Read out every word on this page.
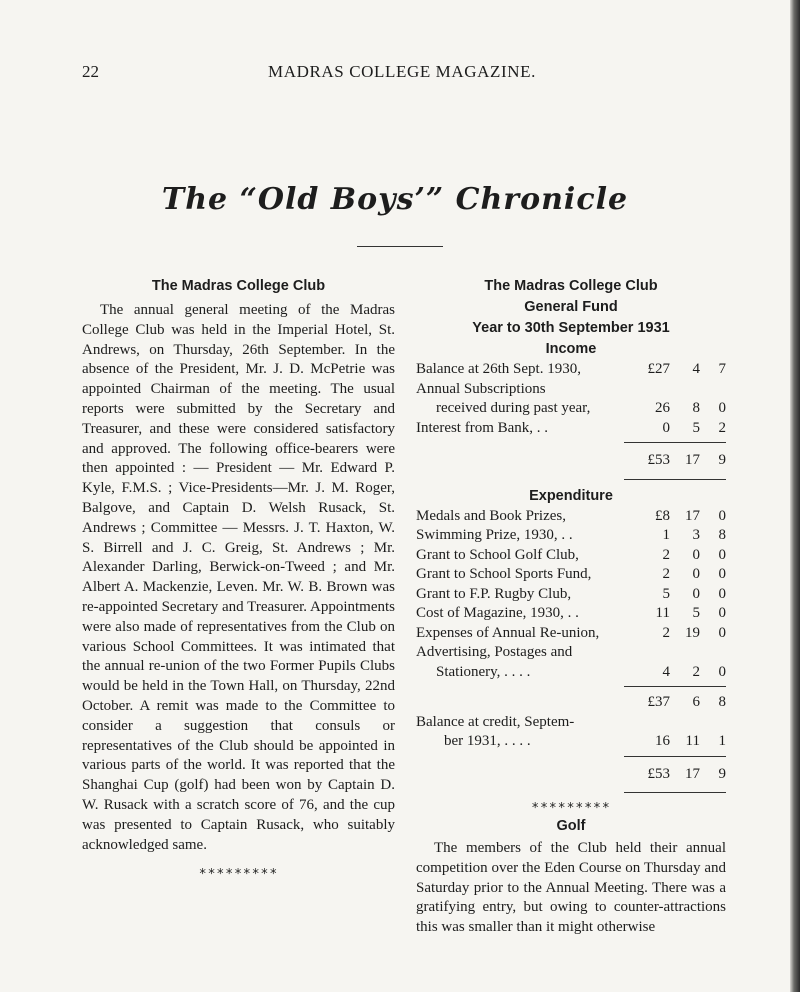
22	MADRAS COLLEGE MAGAZINE.
The “Old Boys’” Chronicle
The Madras College Club
The annual general meeting of the Madras College Club was held in the Imperial Hotel, St. Andrews, on Thursday, 26th September. In the absence of the President, Mr. J. D. McPetrie was appointed Chairman of the meeting. The usual reports were submitted by the Secretary and Treasurer, and these were considered satisfactory and approved. The following office-bearers were then appointed : — President — Mr. Edward P. Kyle, F.M.S. ; Vice-Presidents—Mr. J. M. Roger, Balgove, and Captain D. Welsh Rusack, St. Andrews ; Committee — Messrs. J. T. Haxton, W. S. Birrell and J. C. Greig, St. Andrews ; Mr. Alexander Darling, Berwick-on-Tweed ; and Mr. Albert A. Mackenzie, Leven. Mr. W. B. Brown was re-appointed Secretary and Treasurer. Appointments were also made of representatives from the Club on various School Committees. It was intimated that the annual re-union of the two Former Pupils Clubs would be held in the Town Hall, on Thursday, 22nd October. A remit was made to the Committee to consider a suggestion that consuls or representatives of the Club should be appointed in various parts of the world. It was reported that the Shanghai Cup (golf) had been won by Captain D. W. Rusack with a scratch score of 76, and the cup was presented to Captain Rusack, who suitably acknowledged same.
*********
The Madras College Club
General Fund
Year to 30th September 1931
Income
Balance at 26th Sept. 1930,	£27	4	7
Annual Subscriptions			
received during past year,	26	8	0
Interest from Bank, . .	0	5	2
	£53	17	9
Expenditure
Medals and Book Prizes,	£8	17	0
Swimming Prize, 1930, . .	1	3	8
Grant to School Golf Club,	2	0	0
Grant to School Sports Fund,	2	0	0
Grant to F.P. Rugby Club,	5	0	0
Cost of Magazine, 1930, . .	11	5	0
Expenses of Annual Re-union,	2	19	0
Advertising, Postages and			
Stationery, . . . .	4	2	0
	£37	6	8
Balance at credit, Septem-			
ber 1931, . . . .	16	11	1
	£53	17	9
*********
Golf
The members of the Club held their annual competition over the Eden Course on Thursday and Saturday prior to the Annual Meeting. There was a gratifying entry, but owing to counter-attractions this was smaller than it might otherwise
